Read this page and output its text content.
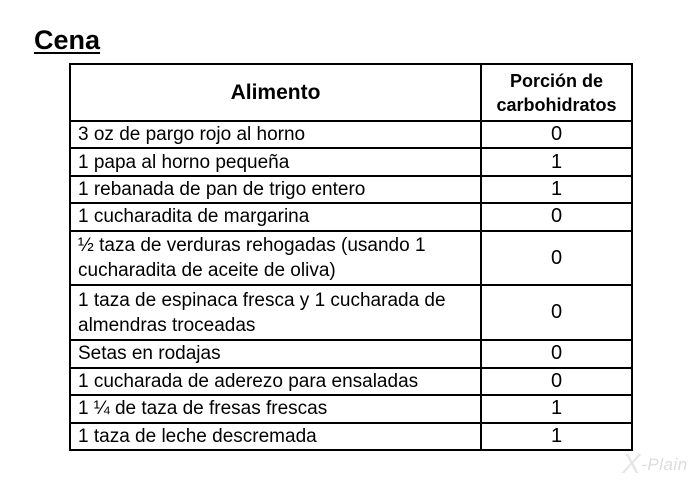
Cena
Alimento	Porción de carbohidratos
3 oz de pargo rojo al horno	0
1 papa al horno pequeña	1
1 rebanada de pan de trigo entero	1
1 cucharadita de margarina	0
½ taza de verduras rehogadas (usando 1 cucharadita de aceite de oliva)	0
1 taza de espinaca fresca y 1 cucharada de almendras troceadas	0
Setas en rodajas	0
1 cucharada de aderezo para ensaladas	0
1 ¼ de taza de fresas frescas	1
1 taza de leche descremada	1
X-Plain
